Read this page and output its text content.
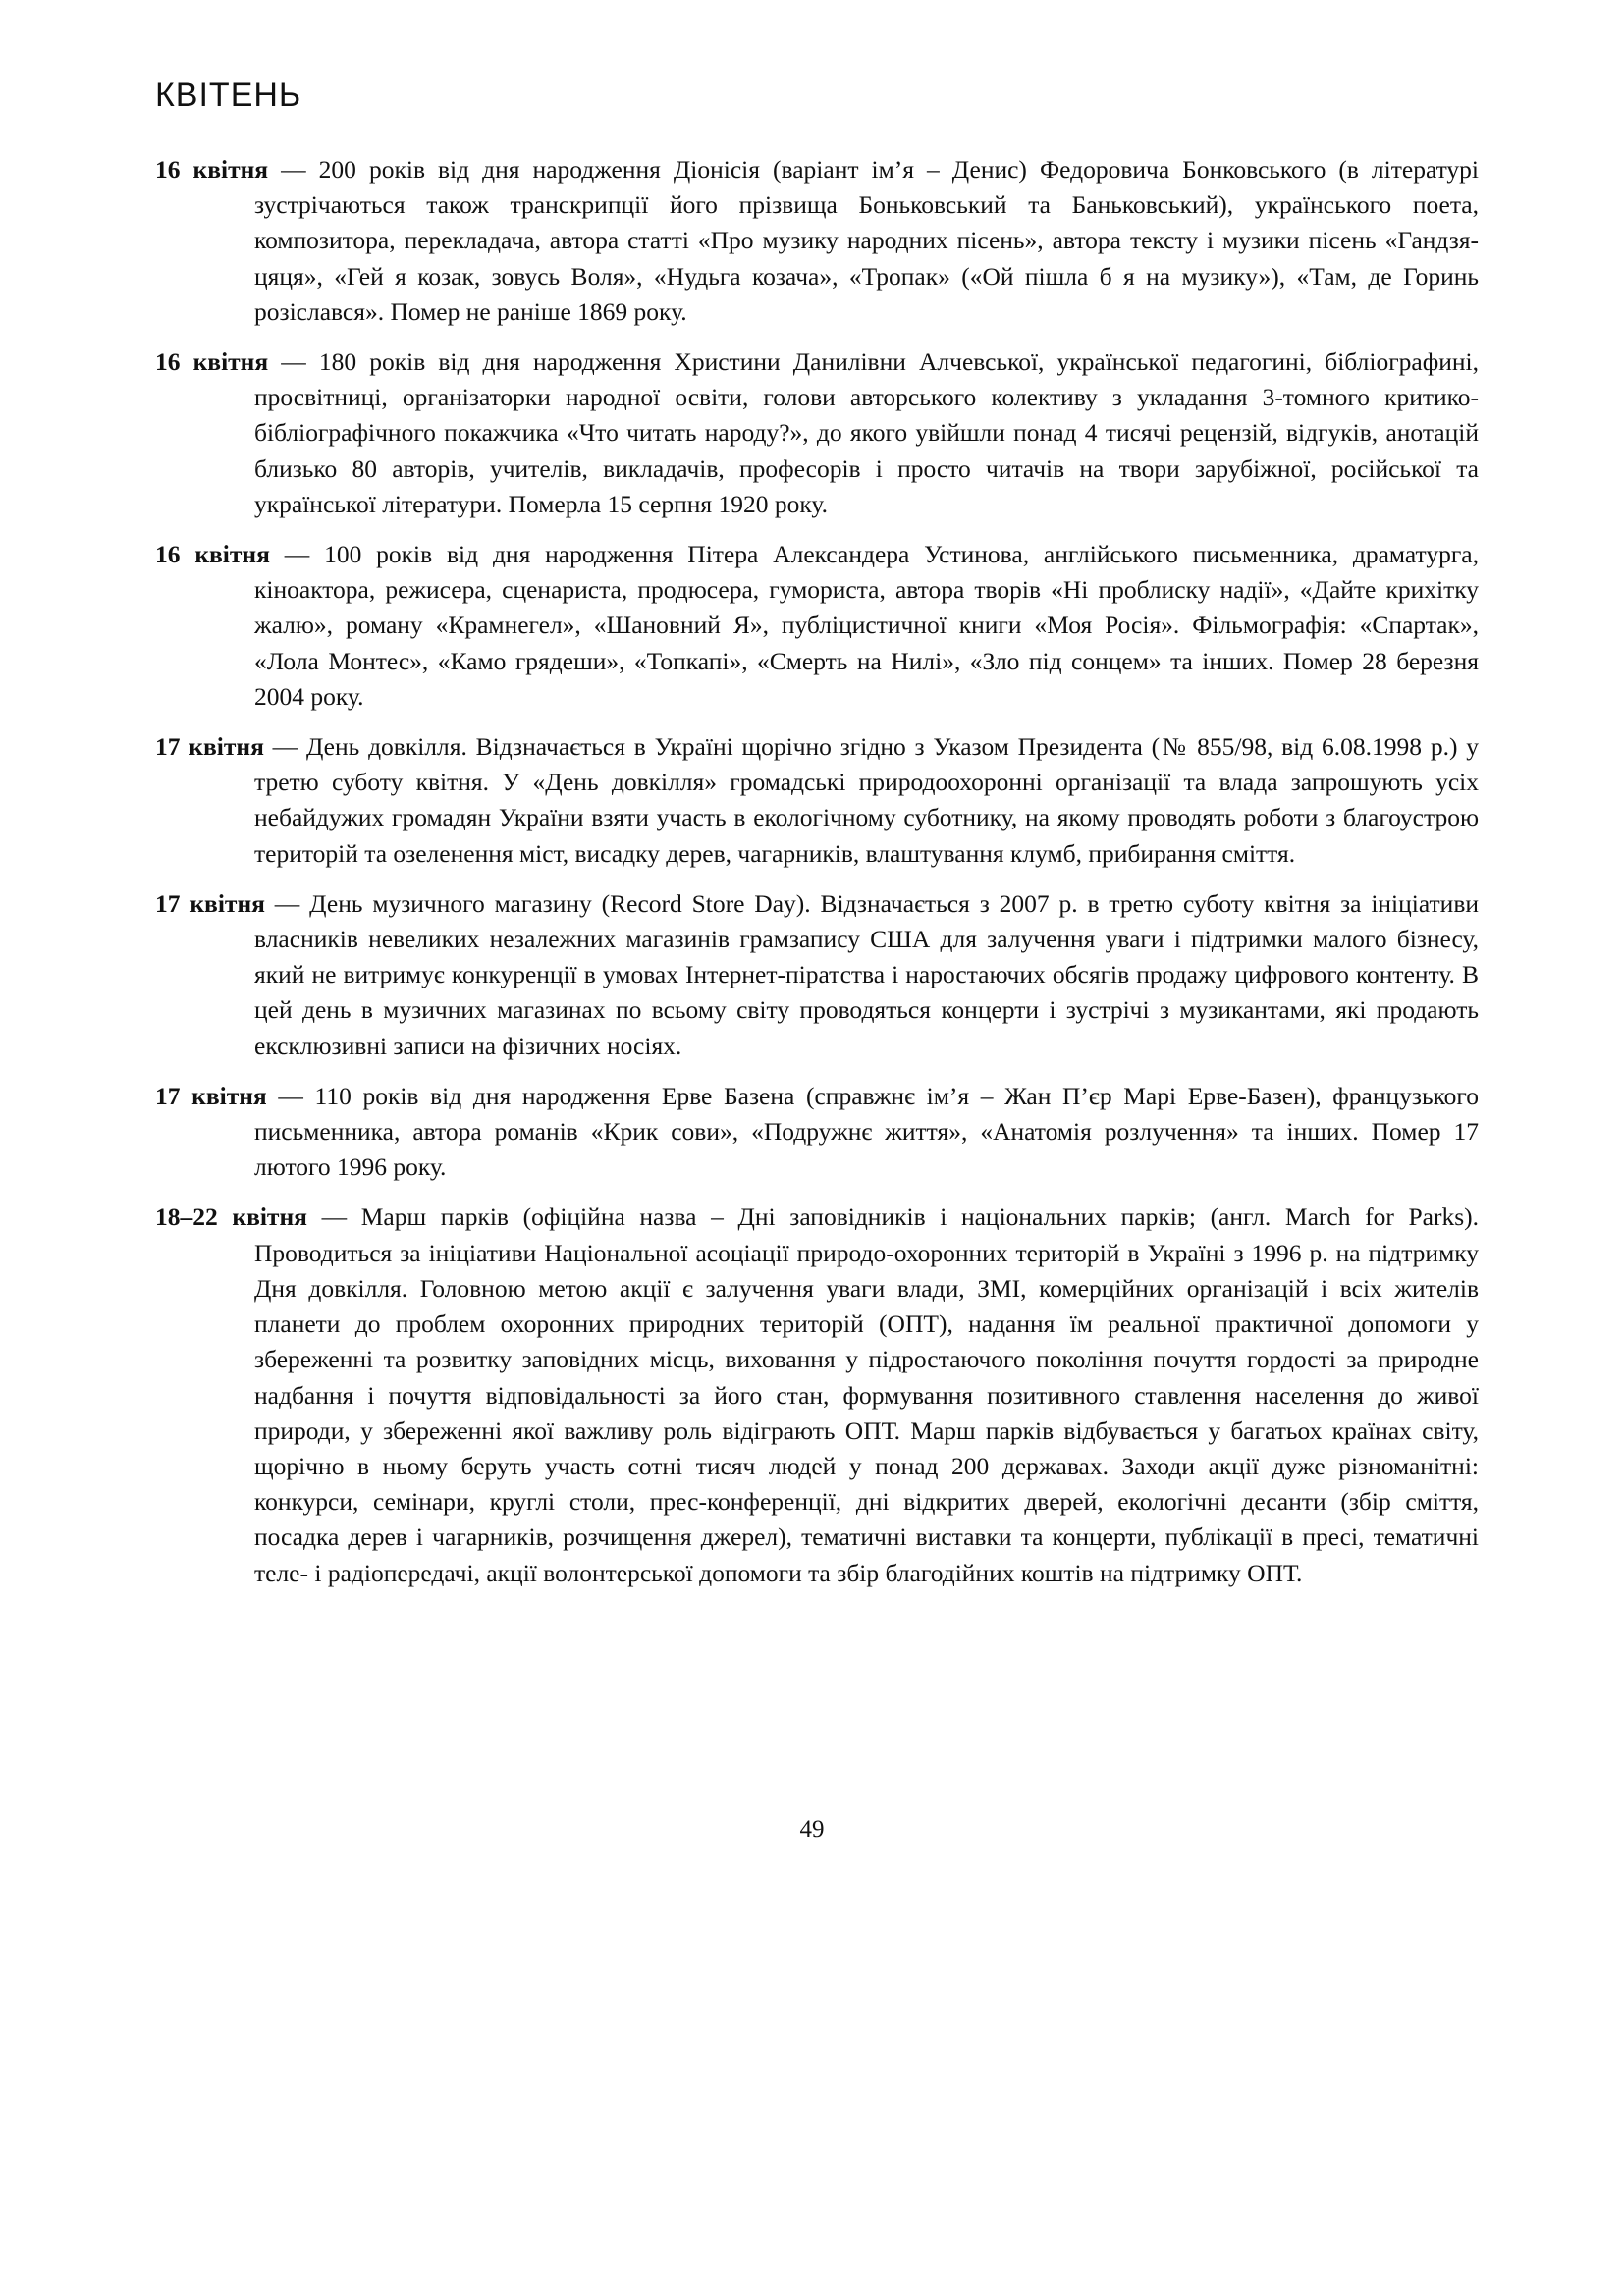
КВІТЕНЬ

16 квітня — 200 років від дня народження Діонісія (варіант ім’я – Денис) Федоровича Бонковського (в літературі зустрічаються також транскрипції його прізвища Боньковський та Баньковський), українського поета, композитора, перекладача, автора статті «Про музику народних пісень», автора тексту і музики пісень «Гандзя-цяця», «Гей я козак, зовусь Воля», «Нудьга козача», «Тропак» («Ой пішла б я на музику»), «Там, де Горинь розіслався». Помер не раніше 1869 року.

16 квітня — 180 років від дня народження Христини Данилівни Алчевської, української педагогині, бібліографині, просвітниці, організаторки народної освіти, голови авторського колективу з укладання 3-томного критико-бібліографічного покажчика «Что читать народу?», до якого увійшли понад 4 тисячі рецензій, відгуків, анотацій близько 80 авторів, учителів, викладачів, професорів і просто читачів на твори зарубіжної, російської та української літератури. Померла 15 серпня 1920 року.

16 квітня — 100 років від дня народження Пітера Александера Устинова, англійського письменника, драматурга, кіноактора, режисера, сценариста, продюсера, гумориста, автора творів «Ні проблиску надії», «Дайте крихітку жалю», роману «Крамнегел», «Шановний Я», публіцистичної книги «Моя Росія». Фільмографія: «Спартак», «Лола Монтес», «Камо грядеши», «Топкапі», «Смерть на Нилі», «Зло під сонцем» та інших. Помер 28 березня 2004 року.

17 квітня — День довкілля. Відзначається в Україні щорічно згідно з Указом Президента (№ 855/98, від 6.08.1998 р.) у третю суботу квітня. У «День довкілля» громадські природоохоронні організації та влада запрошують усіх небайдужих громадян України взяти участь в екологічному суботнику, на якому проводять роботи з благоустрою територій та озеленення міст, висадку дерев, чагарників, влаштування клумб, прибирання сміття.

17 квітня — День музичного магазину (Record Store Day). Відзначається з 2007 р. в третю суботу квітня за ініціативи власників невеликих незалежних магазинів грамзапису США для залучення уваги і підтримки малого бізнесу, який не витримує конкуренції в умовах Інтернет-піратства і наростаючих обсягів продажу цифрового контенту. В цей день в музичних магазинах по всьому світу проводяться концерти і зустрічі з музикантами, які продають ексклюзивні записи на фізичних носіях.

17 квітня — 110 років від дня народження Ерве Базена (справжнє ім’я – Жан П’єр Марі Ерве-Базен), французького письменника, автора романів «Крик сови», «Подружнє життя», «Анатомія розлучення» та інших. Помер 17 лютого 1996 року.

18–22 квітня — Марш парків (офіційна назва – Дні заповідників і національних парків; (англ. March for Parks). Проводиться за ініціативи Національної асоціації природо-охоронних територій в Україні з 1996 р. на підтримку Дня довкілля. Головною метою акції є залучення уваги влади, ЗМІ, комерційних організацій і всіх жителів планети до проблем охоронних природних територій (ОПТ), надання їм реальної практичної допомоги у збереженні та розвитку заповідних місць, виховання у підростаючого покоління почуття гордості за природне надбання і почуття відповідальності за його стан, формування позитивного ставлення населення до живої природи, у збереженні якої важливу роль відіграють ОПТ. Марш парків відбувається у багатьох країнах світу, щорічно в ньому беруть участь сотні тисяч людей у понад 200 державах. Заходи акції дуже різноманітні: конкурси, семінари, круглі столи, прес-конференції, дні відкритих дверей, екологічні десанти (збір сміття, посадка дерев і чагарників, розчищення джерел), тематичні виставки та концерти, публікації в пресі, тематичні теле- і радіопередачі, акції волонтерської допомоги та збір благодійних коштів на підтримку ОПТ.

49
